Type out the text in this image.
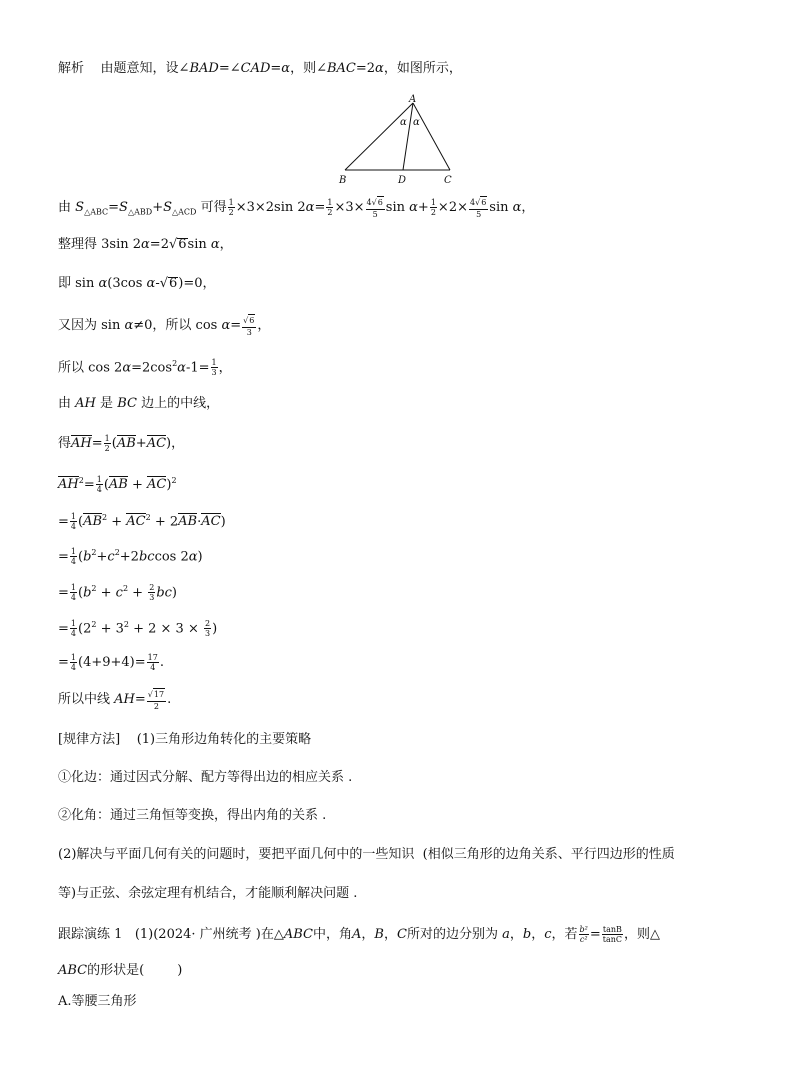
解析 由题意知，设∠BAD=∠CAD=α，则∠BAC=2α，如图所示，
A
B	D	C
α α
由 $S_{\triangle ABC}=S_{\triangle ABD}+S_{\triangle ACD}$ 可得 $\frac{1}{2} \times 3\times 2\sin$ $2\alpha= \frac{1}{2} \times 3\times \frac{4√6}{5}$ $\sin \alpha+ \frac{1}{2} \times 2\times \frac{4√6}{5}$ sin α，
整理得 3sin 2α=2√6sin α，
即 sin α(3cos α-√6)=0，
又因为 sin α≠0，所以 $\cos \alpha= \frac{√6}{3}$ ，
所以 $\cos 2\alpha=2\cos^2\alpha-1= \frac{1}{3}$ ，
由 AH 是 BC 边上的中线，
得$AH= \frac{1}{2} (AB+AC)$，
$AH^2= \frac{1}{4} (AB + AC)^2$
= $\frac{1}{4} (AB^2 + AC^2 + 2AB\cdot AC)$
= $\frac{1}{4} (b^2+c^2+2bccos$ 2α)
= $\frac{1}{4} (b^2 + c^2 + \frac{2}{3} bc)$
= $\frac{1}{4} (2^2 + 3^2 + 2 \times 3 \times \frac{2}{3}$ )
= $\frac{1}{4} (4+9+4)= \frac{17}{4}$ .
所以中线 $AH= \frac{√17}{2}$ .
[规律方法] (1)三角形边角转化的主要策略
①化边：通过因式分解、配方等得出边的相应关系 .
②化角：通过三角恒等变换，得出内角的关系 .
(2)解决与平面几何有关的问题时，要把平面几何中的一些知识  (相似三角形的边角关系、平行四边形的性质
等)与正弦、余弦定理有机结合，才能顺利解决问题 .
跟踪演练 1 (1)(2024· 广州统考 )在△ABC中，角A，B，C所对的边分别为 a，b，c，若 $\frac{\text{b²}}{\text{c²}} = \frac{\tan B}{\tan C}$ ，则△
ABC的形状是(        )
A.等腰三角形
